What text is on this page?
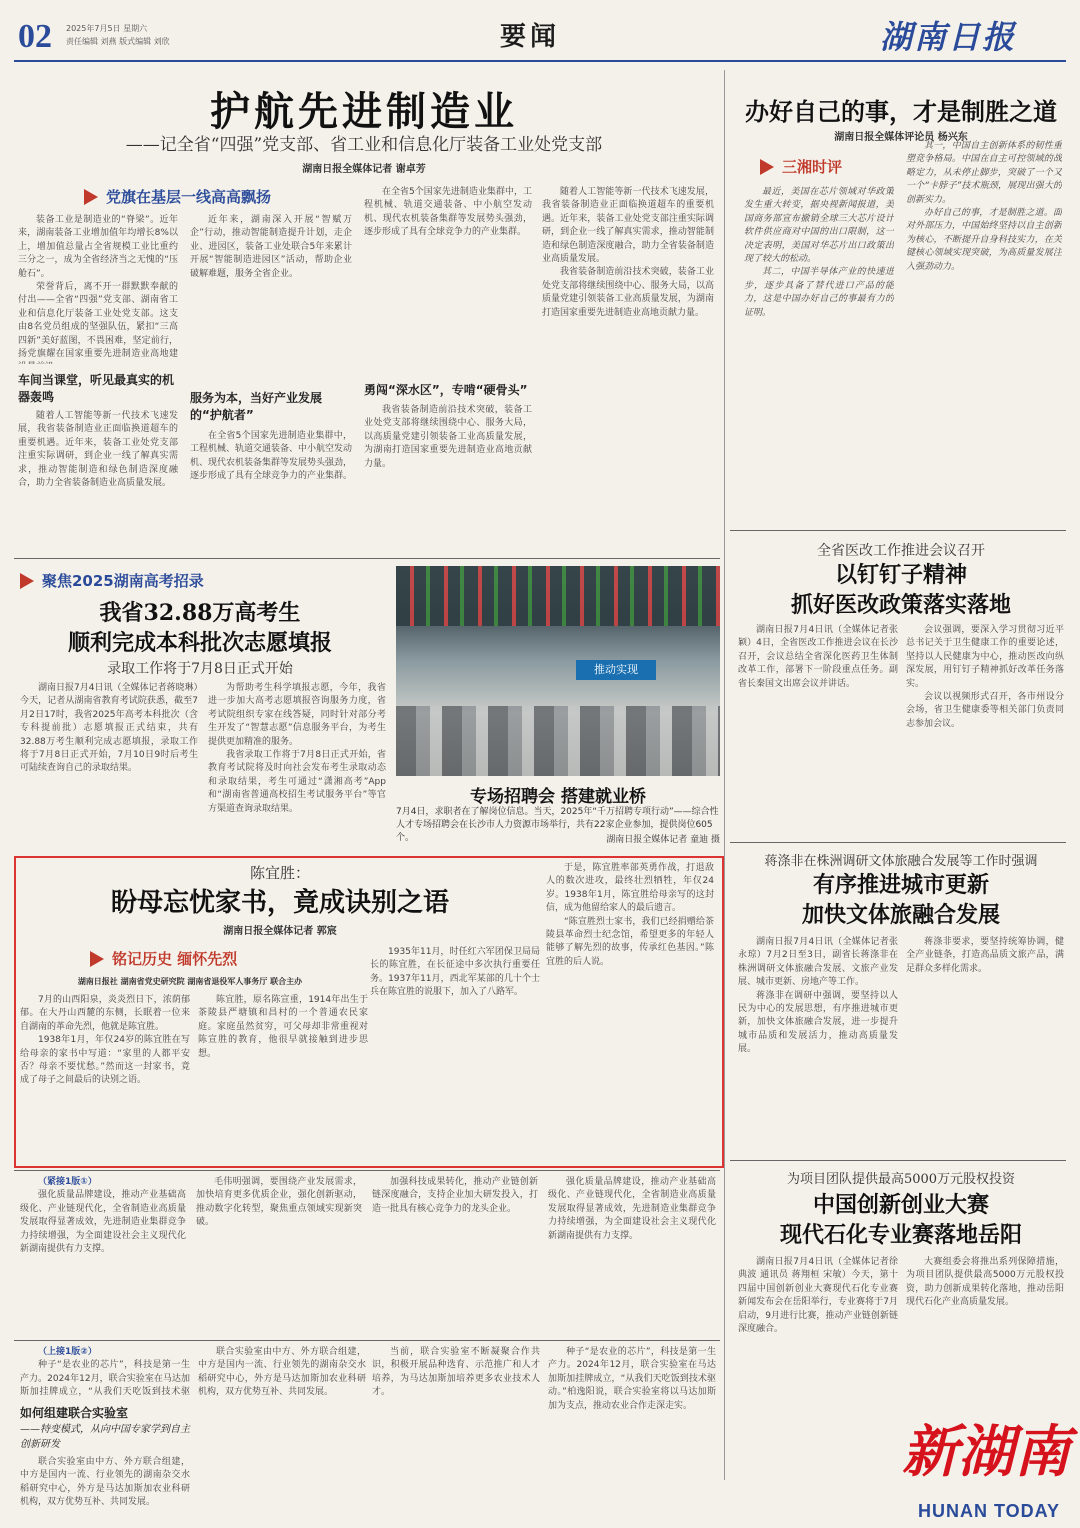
02 2025年7月5日 星期六
责任编辑 刘燕 版式编辑 刘欣	要闻	湖南日报
护航先进制造业
——记全省“四强”党支部、省工业和信息化厅装备工业处党支部
湖南日报全媒体记者 谢卓芳
党旗在基层一线高高飘扬

装备工业是制造业的“脊梁”。近年来，湖南装备工业增加值年均增长8%以上，增加值总量占全省规模工业比重约三分之一，成为全省经济当之无愧的“压舱石”。

荣誉背后，离不开一群默默奉献的付出——全省“四强”党支部、湖南省工业和信息化厅装备工业处党支部。这支由8名党员组成的坚强队伍，紧扣“三高四新”美好蓝图，不畏困难，坚定前行，扬党旗耀在国家重要先进制造业高地建

车间当课堂，听见最真实的机器轰鸣

随着人工智能等新一代技术飞速发展，我省装备制造业正面临换道超车的重要机遇。近年来，装备工业处党支部注重实际调研，到企业一线了解真实需求，推动智能制造和绿色制造深度融合，助力全省装备制造业高质量发展。

近年来，湖南深入开展“智赋万企”行动，推动智能制造提升计划，走企业、进园区，装备工业处联合5年来累计开展“智能制造进园区”活动，帮助企业破解难题，服务全省企业。

服务为本，当好产业发展的“护航者”

在全省5个国家先进制造业集群中，工程机械、轨道交通装备、中小航空发动机、现代农机装备集群等发展势头强劲，逐步形成了具有全球竞争力的产业集群。

在全省5个国家先进制造业集群中，工程机械、轨道交通装备、中小航空发动机、现代农机装备集群等发展势头强劲，逐步形成了具有全球竞争力的产业集群。

勇闯“深水区”，专啃“硬骨头”

我省装备制造前沿技术突破，装备工业处党支部将继续围绕中心、服务大局，以高质量党建引领装备工业高质量发展，为湖南打造国家重要先进制造业高地贡献力量。

随着人工智能等新一代技术飞速发展，我省装备制造业正面临换道超车的重要机遇。近年来，装备工业处党支部注重实际调研，到企业一线了解真实需求，推动智能制造和绿色制造深度融合，助力全省装备制造业高质量发展。

我省装备制造前沿技术突破，装备工业处党支部将继续围绕中心、服务大局，以高质量党建引领装备工业高质量发展，为湖南打造国家重要先进制造业高地贡献力量。

办好自己的事，才是制胜之道
湖南日报全媒体评论员 杨兴东
三湘时评

最近，美国在芯片领域对华政策发生重大转变，据央视新闻报道，美国商务部宣布撤销全球三大芯片设计软件供应商对中国的出口限制，这一决定表明，美国对华芯片出口政策出现了较大的松动。

其二，中国半导体产业的快速进步，逐步具备了替代进口产品的能力，这是中国办好自己的事最有力的证明。

其一，中国自主创新体系的韧性重塑竞争格局。中国在自主可控领域的战略定力，从未停止脚步，突破了一个又一个“卡脖子”技术瓶颈，展现出强大的创新实力。

办好自己的事，才是制胜之道。面对外部压力，中国始终坚持以自主创新为核心，不断提升自身科技实力，在关键核心领域实现突破，为高质量发展注入强劲动力。

聚焦2025湖南高考招录
我省32.88万高考生
顺利完成本科批次志愿填报
录取工作将于7月8日正式开始

湖南日报7月4日讯（全媒体记者蒋晓琳）今天，记者从湖南省教育考试院获悉，截至7月2日17时，我省2025年高考本科批次（含专科提前批）志愿填报正式结束，共有32.88万考生顺利完成志愿填报，录取工作将于7月8日正式开始，7月10日9时后考生可陆续查询自己的录取结果。

为帮助考生科学填报志愿，今年，我省进一步加大高考志愿填报咨询服务力度，省考试院组织专家在线答疑，同时针对部分考生开发了“智慧志愿”信息服务平台，为考生提供更加精准的服务。

我省录取工作将于7月8日正式开始，省教育考试院将及时向社会发布考生录取动态和录取结果，考生可通过“潇湘高考”App和“湖南省普通高校招生考试服务平台”等官方渠道查询录取结果。

推动实现
专场招聘会 搭建就业桥
7月4日，求职者在了解岗位信息。当天，2025年“千万招聘专项行动”——综合性人才专场招聘会在长沙市人力资源市场举行，共有22家企业参加，提供岗位605个。	湖南日报全媒体记者 童迪 摄
全省医改工作推进会议召开
以钉钉子精神
抓好医改政策落实落地

湖南日报7月4日讯（全媒体记者张颖）4日，全省医改工作推进会议在长沙召开，会议总结全省深化医药卫生体制改革工作，部署下一阶段重点任务。副省长秦国文出席会议并讲话。

会议强调，要深入学习贯彻习近平总书记关于卫生健康工作的重要论述，坚持以人民健康为中心，推动医改向纵深发展，用钉钉子精神抓好改革任务落实。

会议以视频形式召开，各市州设分会场，省卫生健康委等相关部门负责同志参加会议。

陈宜胜：
盼母忘忧家书，竟成诀别之语
湖南日报全媒体记者 郭宸
铭记历史 缅怀先烈
湖南日报社 湖南省党史研究院 湖南省退役军人事务厅 联合主办

7月的山西阳泉，炎炎烈日下，浓荫郁郁。在大丹山西麓的东侧，长眠着一位来自湖南的革命先烈，他就是陈宜胜。

1938年1月，年仅24岁的陈宜胜在写给母亲的家书中写道：“家里的人都平安否？母亲不要忧愁。”然而这一封家书，竟成了母子之间最后的诀别之语。

陈宜胜，原名陈宣重，1914年出生于茶陵县严塘镇和昌村的一个普通农民家庭。家庭虽然贫穷，可父母却非常重视对陈宣胜的教育，他很早就接触到进步思想。

1935年11月，时任红六军团保卫局局长的陈宜胜，在长征途中多次执行重要任务。1937年11月，西北军某部的几十个士兵在陈宜胜的说服下，加入了八路军。

于是，陈宜胜率部英勇作战，打退敌人的数次进攻，最终壮烈牺牲，年仅24岁。1938年1月，陈宜胜给母亲写的这封信，成为他留给家人的最后遗言。

“陈宣胜烈士家书，我们已经捐赠给茶陵县革命烈士纪念馆，希望更多的年轻人能够了解先烈的故事，传承红色基因。”陈宜胜的后人说。

蒋涤非在株洲调研文体旅融合发展等工作时强调
有序推进城市更新
加快文体旅融合发展

湖南日报7月4日讯（全媒体记者张永琼）7月2日至3日，副省长蒋涤非在株洲调研文体旅融合发展、文旅产业发展、城市更新、房地产等工作。

蒋涤非在调研中强调，要坚持以人民为中心的发展思想，有序推进城市更新，加快文体旅融合发展，进一步提升城市品质和发展活力，推动高质量发展。

蒋涤非要求，要坚持统筹协调，健全产业链条，打造高品质文旅产品，满足群众多样化需求。

（紧接1版①）

强化质量品牌建设，推动产业基础高级化、产业链现代化，全省制造业高质量发展取得显著成效，先进制造业集群竞争力持续增强，为全面建设社会主义现代化新湖南提供有力支撑。

毛伟明强调，要围绕产业发展需求，加快培育更多优质企业，强化创新驱动，推动数字化转型，聚焦重点领域实现新突破。

加强科技成果转化，推动产业链创新链深度融合，支持企业加大研发投入，打造一批具有核心竞争力的龙头企业。

强化质量品牌建设，推动产业基础高级化、产业链现代化，全省制造业高质量发展取得显著成效，先进制造业集群竞争力持续增强，为全面建设社会主义现代化新湖南提供有力支撑。

（上接1版②）

种子“是农业的芯片”，科技是第一生产力。2024年12月，联合实验室在马达加斯加挂牌成立，“从我们天吃饭到技术驱

如何组建联合实验室
——特变模式，从向中国专家学到自主创新研发

联合实验室由中方、外方联合组建，中方是国内一流、行业领先的湖南杂交水稻研究中心，外方是马达加斯加农业科研机构，双方优势互补、共同发展。

联合实验室由中方、外方联合组建，中方是国内一流、行业领先的湖南杂交水稻研究中心，外方是马达加斯加农业科研机构，双方优势互补、共同发展。

当前，联合实验室不断凝聚合作共识，积极开展品种选育、示范推广和人才培养，为马达加斯加培养更多农业技术人才。

种子“是农业的芯片”，科技是第一生产力。2024年12月，联合实验室在马达加斯加挂牌成立，“从我们天吃饭到技术驱动。”柏逸阳说，联合实验室将以马达加斯加为支点，推动农业合作走深走实。

为项目团队提供最高5000万元股权投资
中国创新创业大赛
现代石化专业赛落地岳阳

湖南日报7月4日讯（全媒体记者徐典波 通讯员 蒋翔桓 宋敏）今天，第十四届中国创新创业大赛现代石化专业赛新闻发布会在岳阳举行，专业赛将于7月启动，9月进行比赛，推动产业链创新链深度融合。

大赛组委会将推出系列保障措施，为项目团队提供最高5000万元股权投资，助力创新成果转化落地，推动岳阳现代石化产业高质量发展。

新湖南
HUNAN TODAY
